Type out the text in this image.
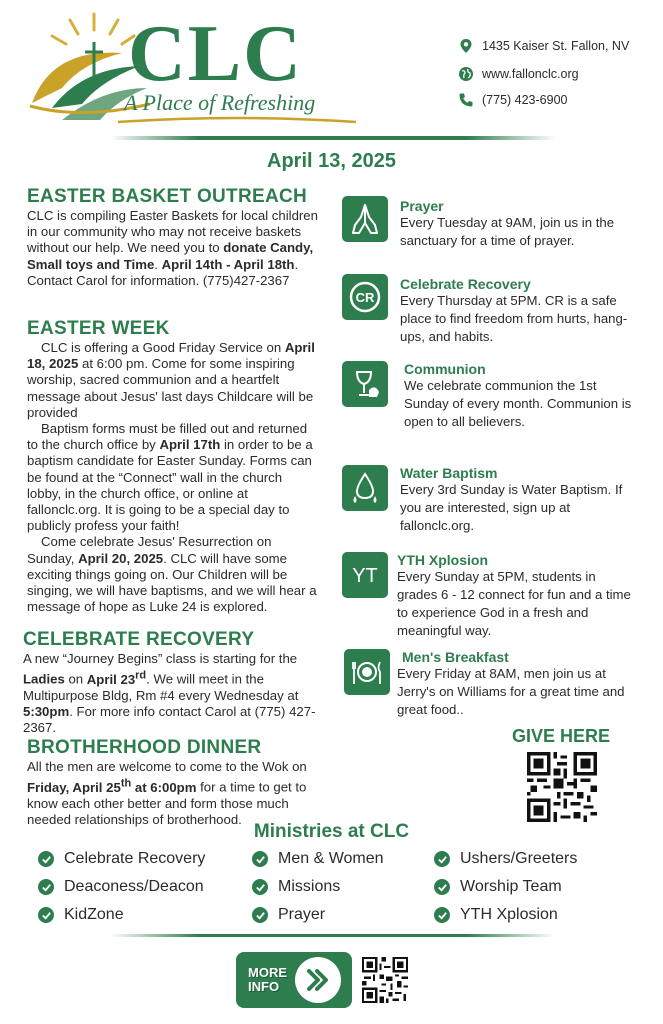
CLC
A Place of Refreshing
1435 Kaiser St. Fallon, NV
www.fallonclc.org
(775) 423-6900
April 13, 2025
EASTER BASKET OUTREACH
CLC is compiling Easter Baskets for local children in our community who may not receive baskets without our help. We need you to donate Candy, Small toys and Time. April 14th - April 18th. Contact Carol for information. (775)427-2367
EASTER WEEK

CLC is offering a Good Friday Service on April 18, 2025 at 6:00 pm. Come for some inspiring worship, sacred communion and a heartfelt message about Jesus' last days Childcare will be provided

Baptism forms must be filled out and returned to the church office by April 17th in order to be a baptism candidate for Easter Sunday. Forms can be found at the “Connect” wall in the church lobby, in the church office, or online at fallonclc.org. It is going to be a special day to publicly profess your faith!

Come celebrate Jesus' Resurrection on Sunday, April 20, 2025. CLC will have some exciting things going on. Our Children will be singing, we will have baptisms, and we will hear a message of hope as Luke 24 is explored.

CELEBRATE RECOVERY
A new “Journey Begins” class is starting for the Ladies on April 23rd. We will meet in the Multipurpose Bldg, Rm #4 every Wednesday at 5:30pm. For more info contact Carol at (775) 427-2367.
BROTHERHOOD DINNER
All the men are welcome to come to the Wok on Friday, April 25th at 6:00pm for a time to get to know each other better and form those much needed relationships of brotherhood.
Prayer
Every Tuesday at 9AM, join us in the sanctuary for a time of prayer.
CR
Celebrate Recovery
Every Thursday at 5PM. CR is a safe place to find freedom from hurts, hang-ups, and habits.
Communion
We celebrate communion the 1st Sunday of every month. Communion is open to all believers.
Water Baptism
Every 3rd Sunday is Water Baptism. If you are interested, sign up at fallonclc.org.
YT
YTH Xplosion
Every Sunday at 5PM, students in grades 6 - 12 connect for fun and a time to experience God in a fresh and meaningful way.
Men's Breakfast
Every Friday at 8AM, men join us at Jerry's on Williams for a great time and great food..
GIVE HERE
Ministries at CLC
Celebrate Recovery	Men & Women	Ushers/Greeters
Deaconess/Deacon	Missions	Worship Team
KidZone	Prayer	YTH Xplosion
MORE
INFO
